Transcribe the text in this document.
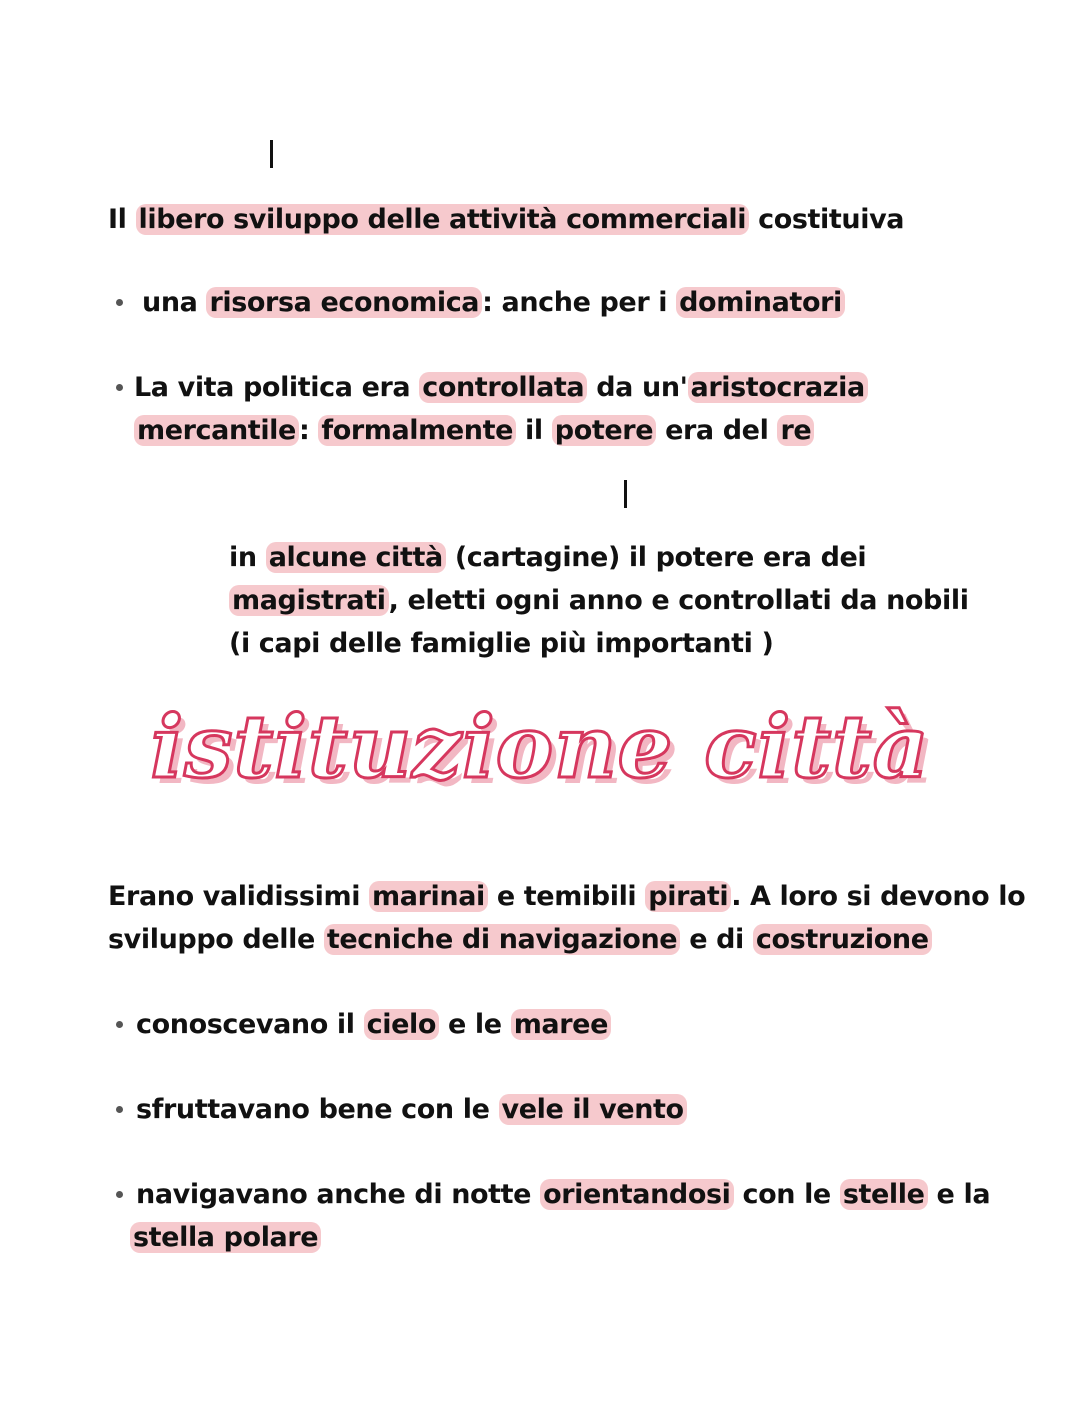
Il libero sviluppo delle attività commerciali costituiva
una risorsa economica : anche per i dominatori
La vita politica era controllata da un' aristocrazia
mercantile : formalmente il potere era del re
in alcune città (cartagine) il potere era dei
magistrati , eletti ogni anno e controllati da nobili
(i capi delle famiglie più importanti )
istituzione città
Erano validissimi marinai e temibili pirati . A loro si devono lo
sviluppo delle tecniche di navigazione e di costruzione
conoscevano il cielo e le maree
sfruttavano bene con le vele il vento
navigavano anche di notte orientandosi con le stelle e la
stella polare
